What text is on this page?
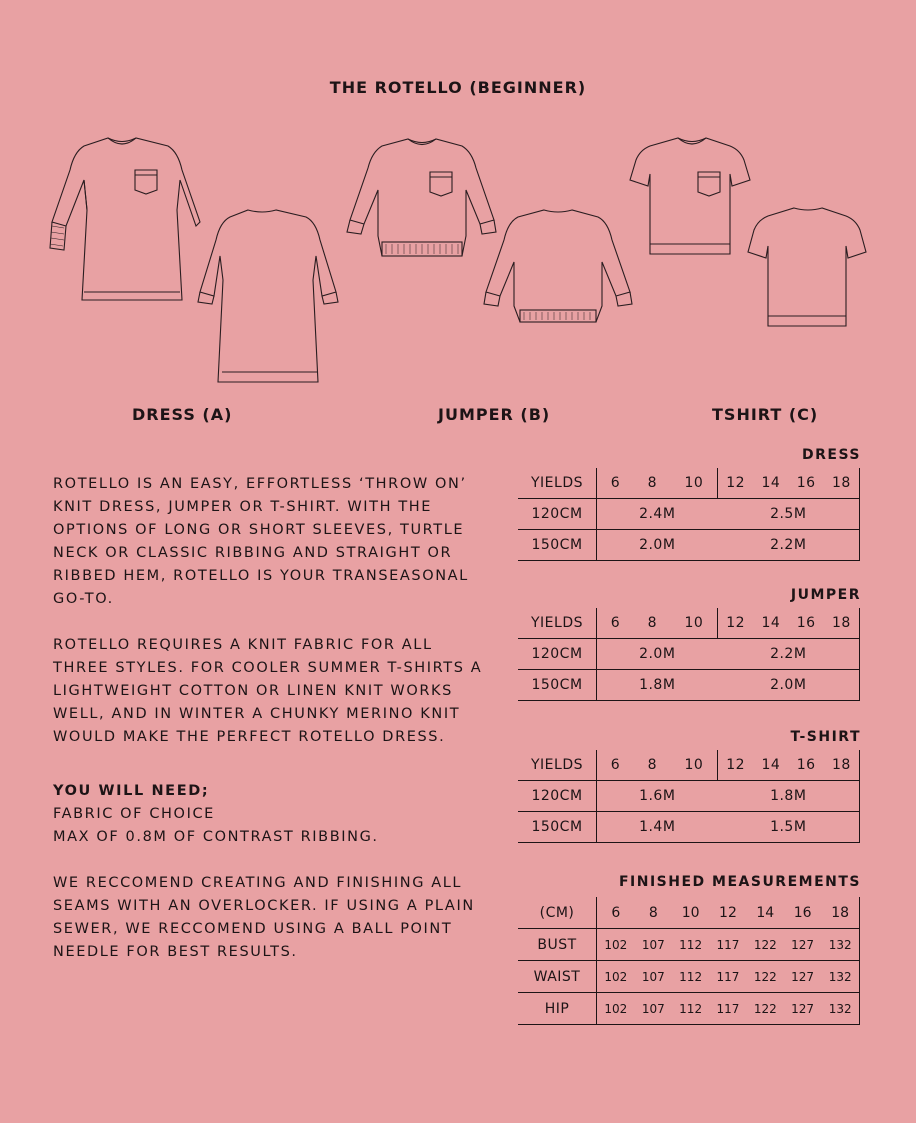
THE ROTELLO (BEGINNER)
DRESS (A)	JUMPER (B)	TSHIRT (C)

ROTELLO IS AN EASY, EFFORTLESS ‘THROW ON’ KNIT DRESS, JUMPER OR T-SHIRT. WITH THE OPTIONS OF LONG OR SHORT SLEEVES, TURTLE NECK OR CLASSIC RIBBING AND STRAIGHT OR RIBBED HEM, ROTELLO IS YOUR TRANSEASONAL GO-TO.

ROTELLO REQUIRES A KNIT FABRIC FOR ALL THREE STYLES. FOR COOLER SUMMER T-SHIRTS A LIGHTWEIGHT COTTON OR LINEN KNIT WORKS WELL, AND IN WINTER A CHUNKY MERINO KNIT WOULD MAKE THE PERFECT ROTELLO DRESS.

YOU WILL NEED;

FABRIC OF CHOICE

MAX OF 0.8M OF CONTRAST RIBBING.

WE RECCOMEND CREATING AND FINISHING ALL SEAMS WITH AN OVERLOCKER. IF USING A PLAIN SEWER, WE RECCOMEND USING A BALL POINT NEEDLE FOR BEST RESULTS.

DRESS
YIELDS	6 8 10	12 14 16 18

120CM	2.4M	2.5M
150CM	2.0M	2.2M
JUMPER
YIELDS	6 8 10	12 14 16 18

120CM	2.0M	2.2M
150CM	1.8M	2.0M
T-SHIRT
YIELDS	6 8 10	12 14 16 18

120CM	1.6M	1.8M
150CM	1.4M	1.5M
FINISHED MEASUREMENTS
(CM)	6	8	10	12	14	16	18
BUST	102	107	112	117	122	127	132
WAIST	102	107	112	117	122	127	132
HIP	102	107	112	117	122	127	132
